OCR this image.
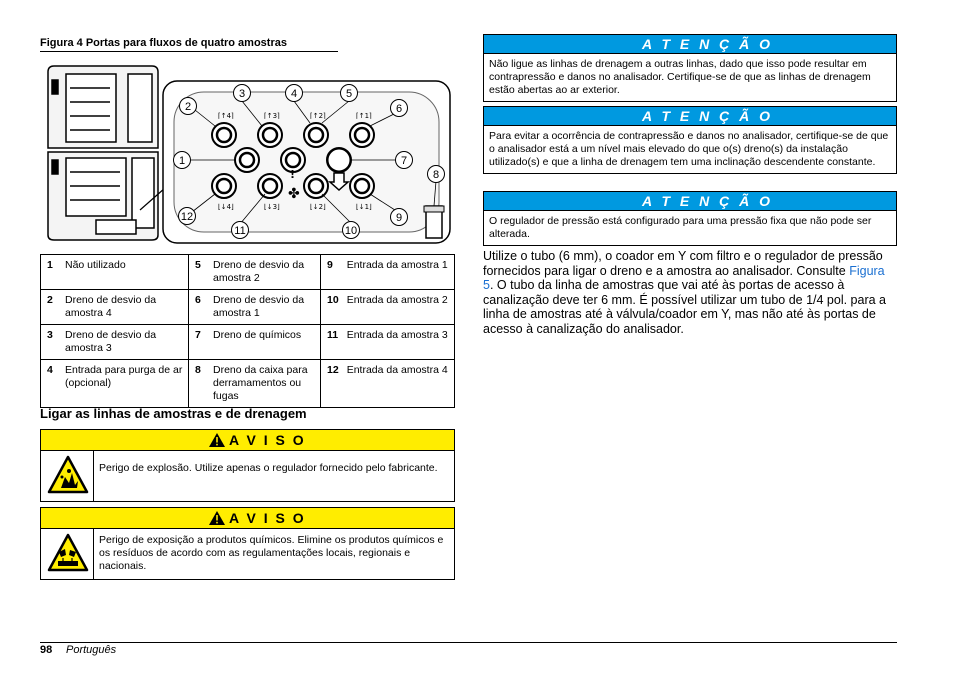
Figura 4 Portas para fluxos de quatro amostras
✤
!
⌈↑4⌉	⌈↑3⌉	⌈↑2⌉	⌈↑1⌉
⌊↓4⌋	⌊↓3⌋	⌊↓2⌋	⌊↓1⌋
1
2
3	4	5
6
7
8
9
10
11
12
1	Não utilizado	5	Dreno de desvio da amostra 2	9	Entrada da amostra 1
2	Dreno de desvio da amostra 4	6	Dreno de desvio da amostra 1	10	Entrada da amostra 2
3	Dreno de desvio da amostra 3	7	Dreno de químicos	11	Entrada da amostra 3
4	Entrada para purga de ar (opcional)	8	Dreno da caixa para derramamentos ou fugas	12	Entrada da amostra 4
Ligar as linhas de amostras e de drenagem
A V I S O
Perigo de explosão. Utilize apenas o regulador fornecido pelo fabricante.
A V I S O
Perigo de exposição a produtos químicos. Elimine os produtos químicos e os resíduos de acordo com as regulamentações locais, regionais e nacionais.
A T E N Ç Ã O
Não ligue as linhas de drenagem a outras linhas, dado que isso pode resultar em contrapressão e danos no analisador. Certifique-se de que as linhas de drenagem estão abertas ao ar exterior.
A T E N Ç Ã O
Para evitar a ocorrência de contrapressão e danos no analisador, certifique-se de que o analisador está a um nível mais elevado do que o(s) dreno(s) da instalação utilizado(s) e que a linha de drenagem tem uma inclinação descendente constante.
A T E N Ç Ã O
O regulador de pressão está configurado para uma pressão fixa que não pode ser alterada.
Utilize o tubo (6 mm), o coador em Y com filtro e o regulador de pressão fornecidos para ligar o dreno e a amostra ao analisador. Consulte Figura 5. O tubo da linha de amostras que vai até às portas de acesso à canalização deve ter 6 mm. É possível utilizar um tubo de 1/4 pol. para a linha de amostras até à válvula/coador em Y, mas não até às portas de acesso à canalização do analisador.
98 Português
